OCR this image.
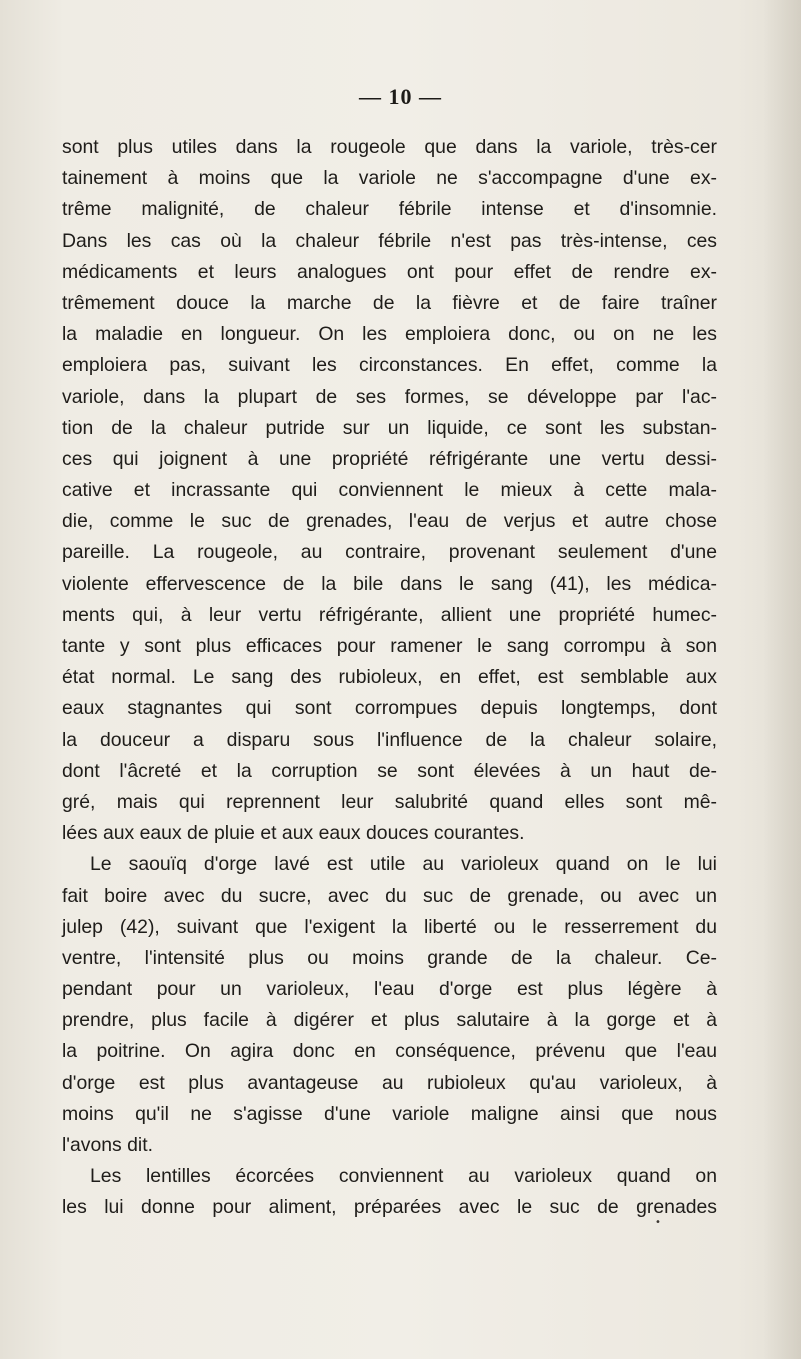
— 10 —
sont plus utiles dans la rougeole que dans la variole, très-cer
tainement à moins que la variole ne s'accompagne d'une ex-
trême malignité, de chaleur fébrile intense et d'insomnie.
Dans les cas où la chaleur fébrile n'est pas très-intense, ces
médicaments et leurs analogues ont pour effet de rendre ex-
trêmement douce la marche de la fièvre et de faire traîner
la maladie en longueur. On les emploiera donc, ou on ne les
emploiera pas, suivant les circonstances. En effet, comme la
variole, dans la plupart de ses formes, se développe par l'ac-
tion de la chaleur putride sur un liquide, ce sont les substan-
ces qui joignent à une propriété réfrigérante une vertu dessi-
cative et incrassante qui conviennent le mieux à cette mala-
die, comme le suc de grenades, l'eau de verjus et autre chose
pareille. La rougeole, au contraire, provenant seulement d'une
violente effervescence de la bile dans le sang (41), les médica-
ments qui, à leur vertu réfrigérante, allient une propriété humec-
tante y sont plus efficaces pour ramener le sang corrompu à son
état normal. Le sang des rubioleux, en effet, est semblable aux
eaux stagnantes qui sont corrompues depuis longtemps, dont
la douceur a disparu sous l'influence de la chaleur solaire,
dont l'âcreté et la corruption se sont élevées à un haut de-
gré, mais qui reprennent leur salubrité quand elles sont mê-
lées aux eaux de pluie et aux eaux douces courantes.
Le saouïq d'orge lavé est utile au varioleux quand on le lui
fait boire avec du sucre, avec du suc de grenade, ou avec un
julep (42), suivant que l'exigent la liberté ou le resserrement du
ventre, l'intensité plus ou moins grande de la chaleur. Ce-
pendant pour un varioleux, l'eau d'orge est plus légère à
prendre, plus facile à digérer et plus salutaire à la gorge et à
la poitrine. On agira donc en conséquence, prévenu que l'eau
d'orge est plus avantageuse au rubioleux qu'au varioleux, à
moins qu'il ne s'agisse d'une variole maligne ainsi que nous
l'avons dit.
Les lentilles écorcées conviennent au varioleux quand on
les lui donne pour aliment, préparées avec le suc de grenades
•
